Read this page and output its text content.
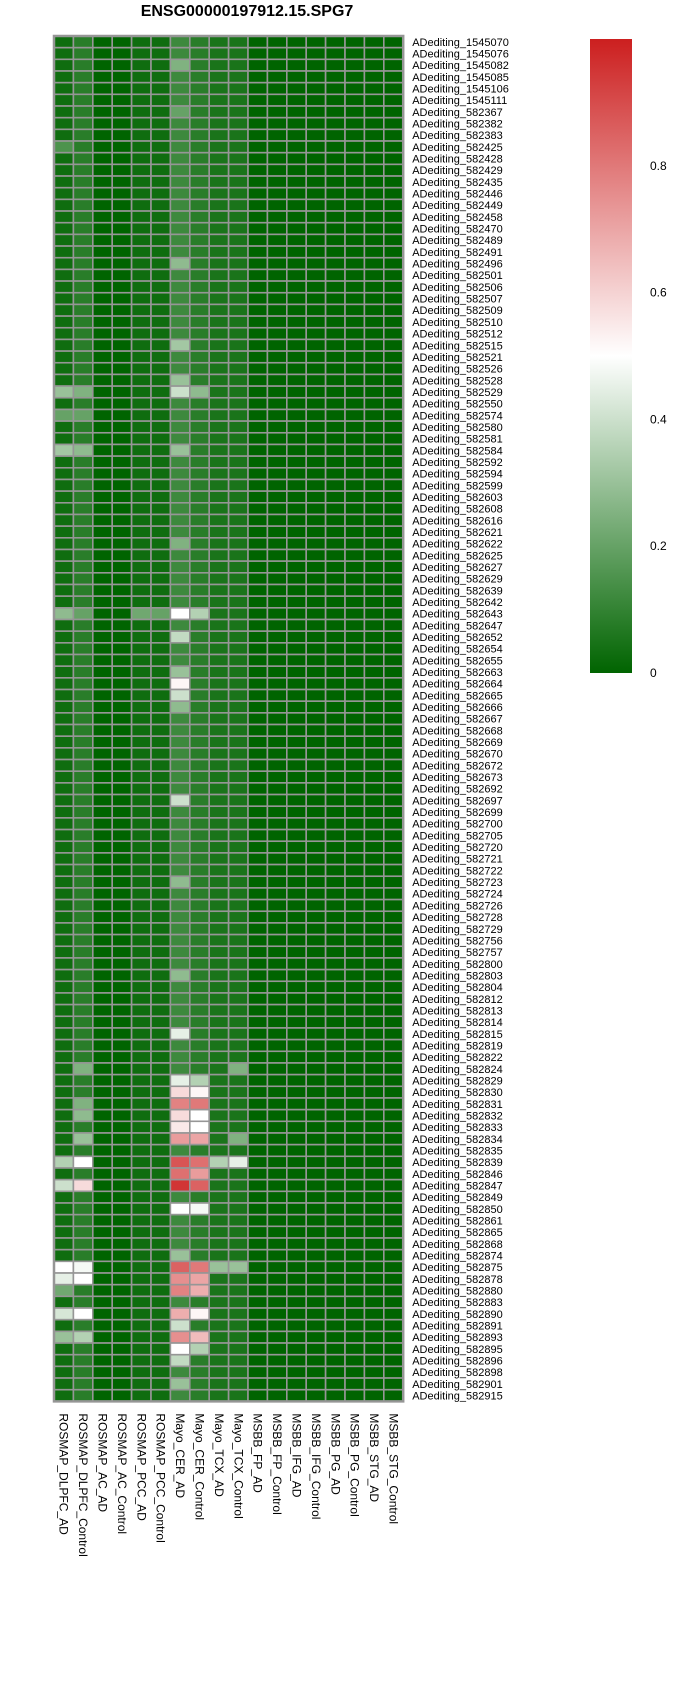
ENSG00000197912.15.SPG7
ADediting_1545070
ADediting_1545076
ADediting_1545082
ADediting_1545085
ADediting_1545106
ADediting_1545111
ADediting_582367
ADediting_582382
ADediting_582383
ADediting_582425
ADediting_582428
ADediting_582429
ADediting_582435
ADediting_582446
ADediting_582449
ADediting_582458
ADediting_582470
ADediting_582489
ADediting_582491
ADediting_582496
ADediting_582501
ADediting_582506
ADediting_582507
ADediting_582509
ADediting_582510
ADediting_582512
ADediting_582515
ADediting_582521
ADediting_582526
ADediting_582528
ADediting_582529
ADediting_582550
ADediting_582574
ADediting_582580
ADediting_582581
ADediting_582584
ADediting_582592
ADediting_582594
ADediting_582599
ADediting_582603
ADediting_582608
ADediting_582616
ADediting_582621
ADediting_582622
ADediting_582625
ADediting_582627
ADediting_582629
ADediting_582639
ADediting_582642
ADediting_582643
ADediting_582647
ADediting_582652
ADediting_582654
ADediting_582655
ADediting_582663
ADediting_582664
ADediting_582665
ADediting_582666
ADediting_582667
ADediting_582668
ADediting_582669
ADediting_582670
ADediting_582672
ADediting_582673
ADediting_582692
ADediting_582697
ADediting_582699
ADediting_582700
ADediting_582705
ADediting_582720
ADediting_582721
ADediting_582722
ADediting_582723
ADediting_582724
ADediting_582726
ADediting_582728
ADediting_582729
ADediting_582756
ADediting_582757
ADediting_582800
ADediting_582803
ADediting_582804
ADediting_582812
ADediting_582813
ADediting_582814
ADediting_582815
ADediting_582819
ADediting_582822
ADediting_582824
ADediting_582829
ADediting_582830
ADediting_582831
ADediting_582832
ADediting_582833
ADediting_582834
ADediting_582835
ADediting_582839
ADediting_582846
ADediting_582847
ADediting_582849
ADediting_582850
ADediting_582861
ADediting_582865
ADediting_582868
ADediting_582874
ADediting_582875
ADediting_582878
ADediting_582880
ADediting_582883
ADediting_582890
ADediting_582891
ADediting_582893
ADediting_582895
ADediting_582896
ADediting_582898
ADediting_582901
ADediting_582915
ROSMAP_DLPFC_AD ROSMAP_DLPFC_Control ROSMAP_AC_AD ROSMAP_AC_Control ROSMAP_PCC_AD ROSMAP_PCC_Control Mayo_CER_AD Mayo_CER_Control Mayo_TCX_AD Mayo_TCX_Control MSBB_FP_AD MSBB_FP_Control MSBB_IFG_AD MSBB_IFG_Control MSBB_PG_AD MSBB_PG_Control MSBB_STG_AD MSBB_STG_Control
0
0.2
0.4
0.6
0.8
